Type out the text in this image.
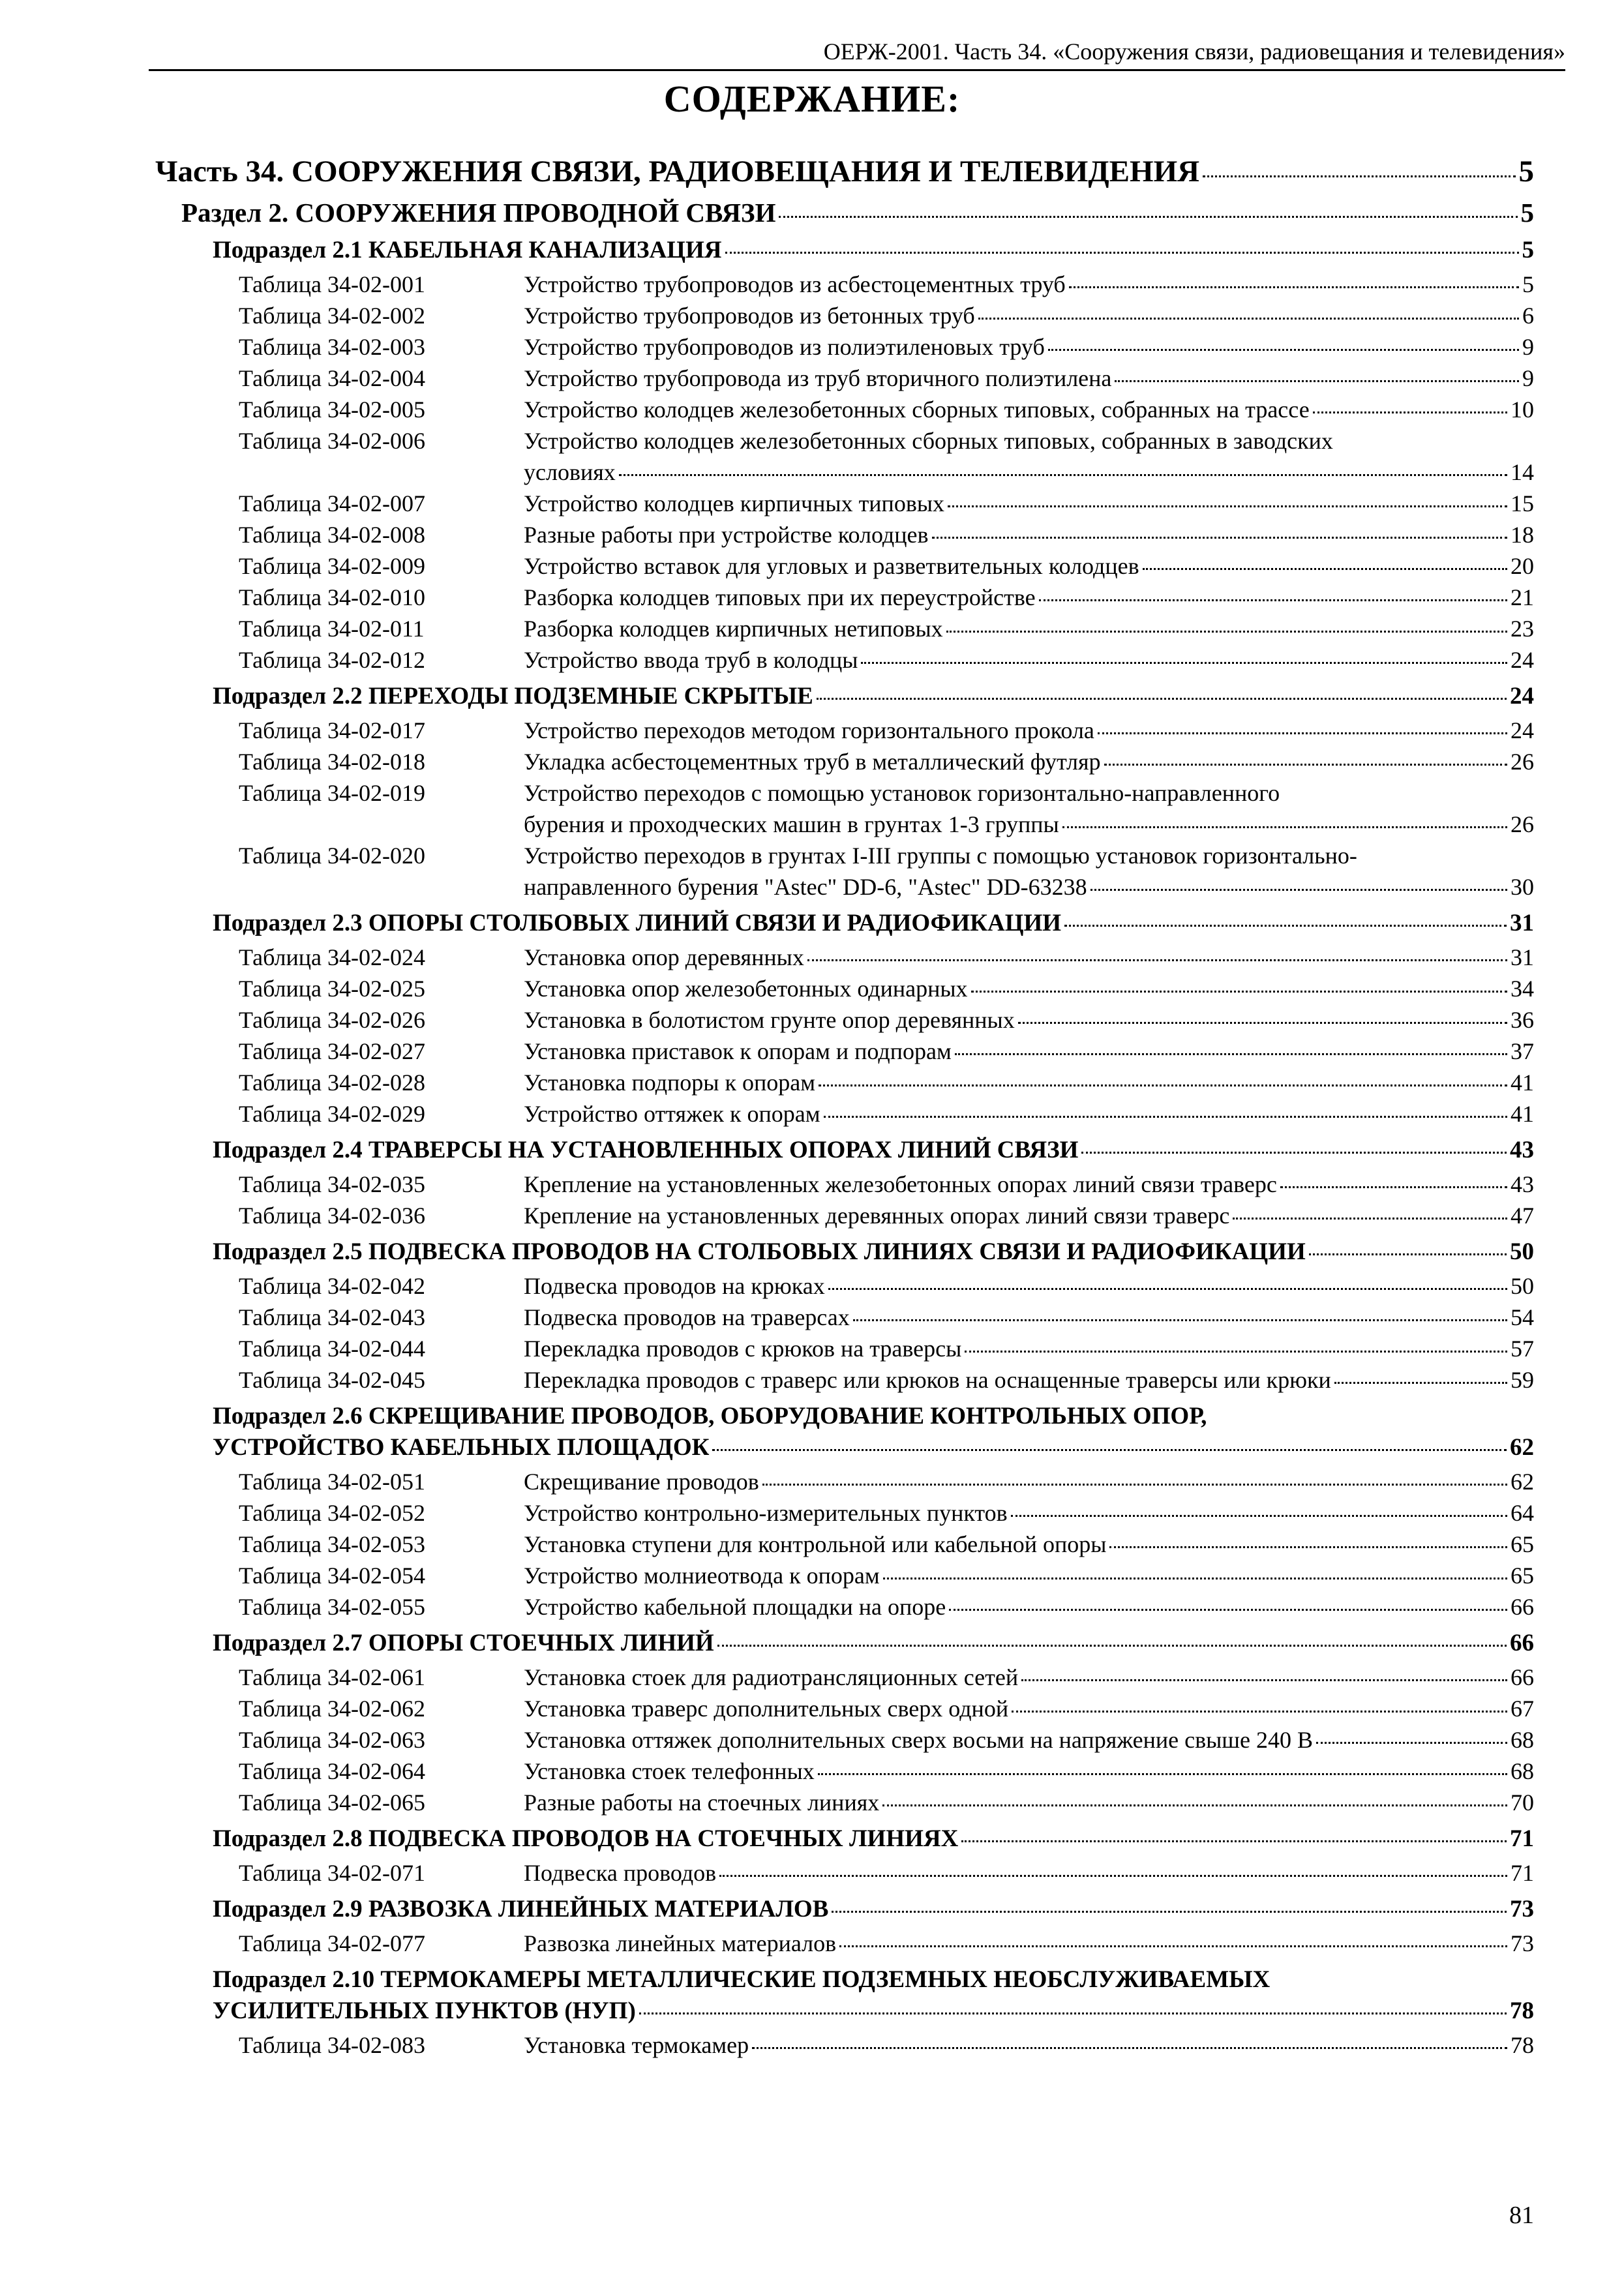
ОЕРЖ-2001. Часть 34. «Сооружения связи, радиовещания и телевидения»
СОДЕРЖАНИЕ:
Часть 34. СООРУЖЕНИЯ СВЯЗИ, РАДИОВЕЩАНИЯ И ТЕЛЕВИДЕНИЯ	5
Раздел 2. СООРУЖЕНИЯ ПРОВОДНОЙ СВЯЗИ	5
Подраздел 2.1 КАБЕЛЬНАЯ КАНАЛИЗАЦИЯ	5
Таблица 34-02-001	Устройство трубопроводов из асбестоцементных труб	5
Таблица 34-02-002	Устройство трубопроводов из бетонных труб	6
Таблица 34-02-003	Устройство трубопроводов из полиэтиленовых труб	9
Таблица 34-02-004	Устройство трубопровода из труб вторичного полиэтилена	9
Таблица 34-02-005	Устройство колодцев железобетонных сборных типовых, собранных на трассе	10
Таблица 34-02-006	Устройство колодцев железобетонных сборных типовых, собранных в заводских
условиях	14
Таблица 34-02-007	Устройство колодцев кирпичных типовых	15
Таблица 34-02-008	Разные работы при устройстве колодцев	18
Таблица 34-02-009	Устройство вставок для угловых и разветвительных колодцев	20
Таблица 34-02-010	Разборка колодцев типовых при их переустройстве	21
Таблица 34-02-011	Разборка колодцев кирпичных нетиповых	23
Таблица 34-02-012	Устройство ввода труб в колодцы	24
Подраздел 2.2 ПЕРЕХОДЫ ПОДЗЕМНЫЕ СКРЫТЫЕ	24
Таблица 34-02-017	Устройство переходов методом горизонтального прокола	24
Таблица 34-02-018	Укладка асбестоцементных труб в металлический футляр	26
Таблица 34-02-019	Устройство переходов с помощью установок горизонтально-направленного
бурения и проходческих машин в грунтах 1-3 группы	26
Таблица 34-02-020	Устройство переходов в грунтах I-III группы с помощью установок горизонтально-
направленного бурения "Astec" DD-6, "Astec" DD-63238	30
Подраздел 2.3 ОПОРЫ СТОЛБОВЫХ ЛИНИЙ СВЯЗИ И РАДИОФИКАЦИИ	31
Таблица 34-02-024	Установка опор деревянных	31
Таблица 34-02-025	Установка опор железобетонных одинарных	34
Таблица 34-02-026	Установка в болотистом грунте опор деревянных	36
Таблица 34-02-027	Установка приставок к опорам и подпорам	37
Таблица 34-02-028	Установка подпоры к опорам	41
Таблица 34-02-029	Устройство оттяжек к опорам	41
Подраздел 2.4 ТРАВЕРСЫ НА УСТАНОВЛЕННЫХ ОПОРАХ ЛИНИЙ СВЯЗИ	43
Таблица 34-02-035	Крепление на установленных железобетонных опорах линий связи траверс	43
Таблица 34-02-036	Крепление на установленных деревянных опорах линий связи траверс	47
Подраздел 2.5 ПОДВЕСКА ПРОВОДОВ НА СТОЛБОВЫХ ЛИНИЯХ СВЯЗИ И РАДИОФИКАЦИИ	50
Таблица 34-02-042	Подвеска проводов на крюках	50
Таблица 34-02-043	Подвеска проводов на траверсах	54
Таблица 34-02-044	Перекладка проводов с крюков на траверсы	57
Таблица 34-02-045	Перекладка проводов с траверс или крюков на оснащенные траверсы или крюки	59
Подраздел 2.6 СКРЕЩИВАНИЕ ПРОВОДОВ, ОБОРУДОВАНИЕ КОНТРОЛЬНЫХ ОПОР,
УСТРОЙСТВО КАБЕЛЬНЫХ ПЛОЩАДОК	62
Таблица 34-02-051	Скрещивание проводов	62
Таблица 34-02-052	Устройство контрольно-измерительных пунктов	64
Таблица 34-02-053	Установка ступени для контрольной или кабельной опоры	65
Таблица 34-02-054	Устройство молниеотвода к опорам	65
Таблица 34-02-055	Устройство кабельной площадки на опоре	66
Подраздел 2.7 ОПОРЫ СТОЕЧНЫХ ЛИНИЙ	66
Таблица 34-02-061	Установка стоек для радиотрансляционных сетей	66
Таблица 34-02-062	Установка траверс дополнительных сверх одной	67
Таблица 34-02-063	Установка оттяжек дополнительных сверх восьми на напряжение свыше 240 В	68
Таблица 34-02-064	Установка стоек телефонных	68
Таблица 34-02-065	Разные работы на стоечных линиях	70
Подраздел 2.8 ПОДВЕСКА ПРОВОДОВ НА СТОЕЧНЫХ ЛИНИЯХ	71
Таблица 34-02-071	Подвеска проводов	71
Подраздел 2.9 РАЗВОЗКА ЛИНЕЙНЫХ МАТЕРИАЛОВ	73
Таблица 34-02-077	Развозка линейных материалов	73
Подраздел 2.10 ТЕРМОКАМЕРЫ МЕТАЛЛИЧЕСКИЕ ПОДЗЕМНЫХ НЕОБСЛУЖИВАЕМЫХ
УСИЛИТЕЛЬНЫХ ПУНКТОВ (НУП)	78
Таблица 34-02-083	Установка термокамер	78
81
